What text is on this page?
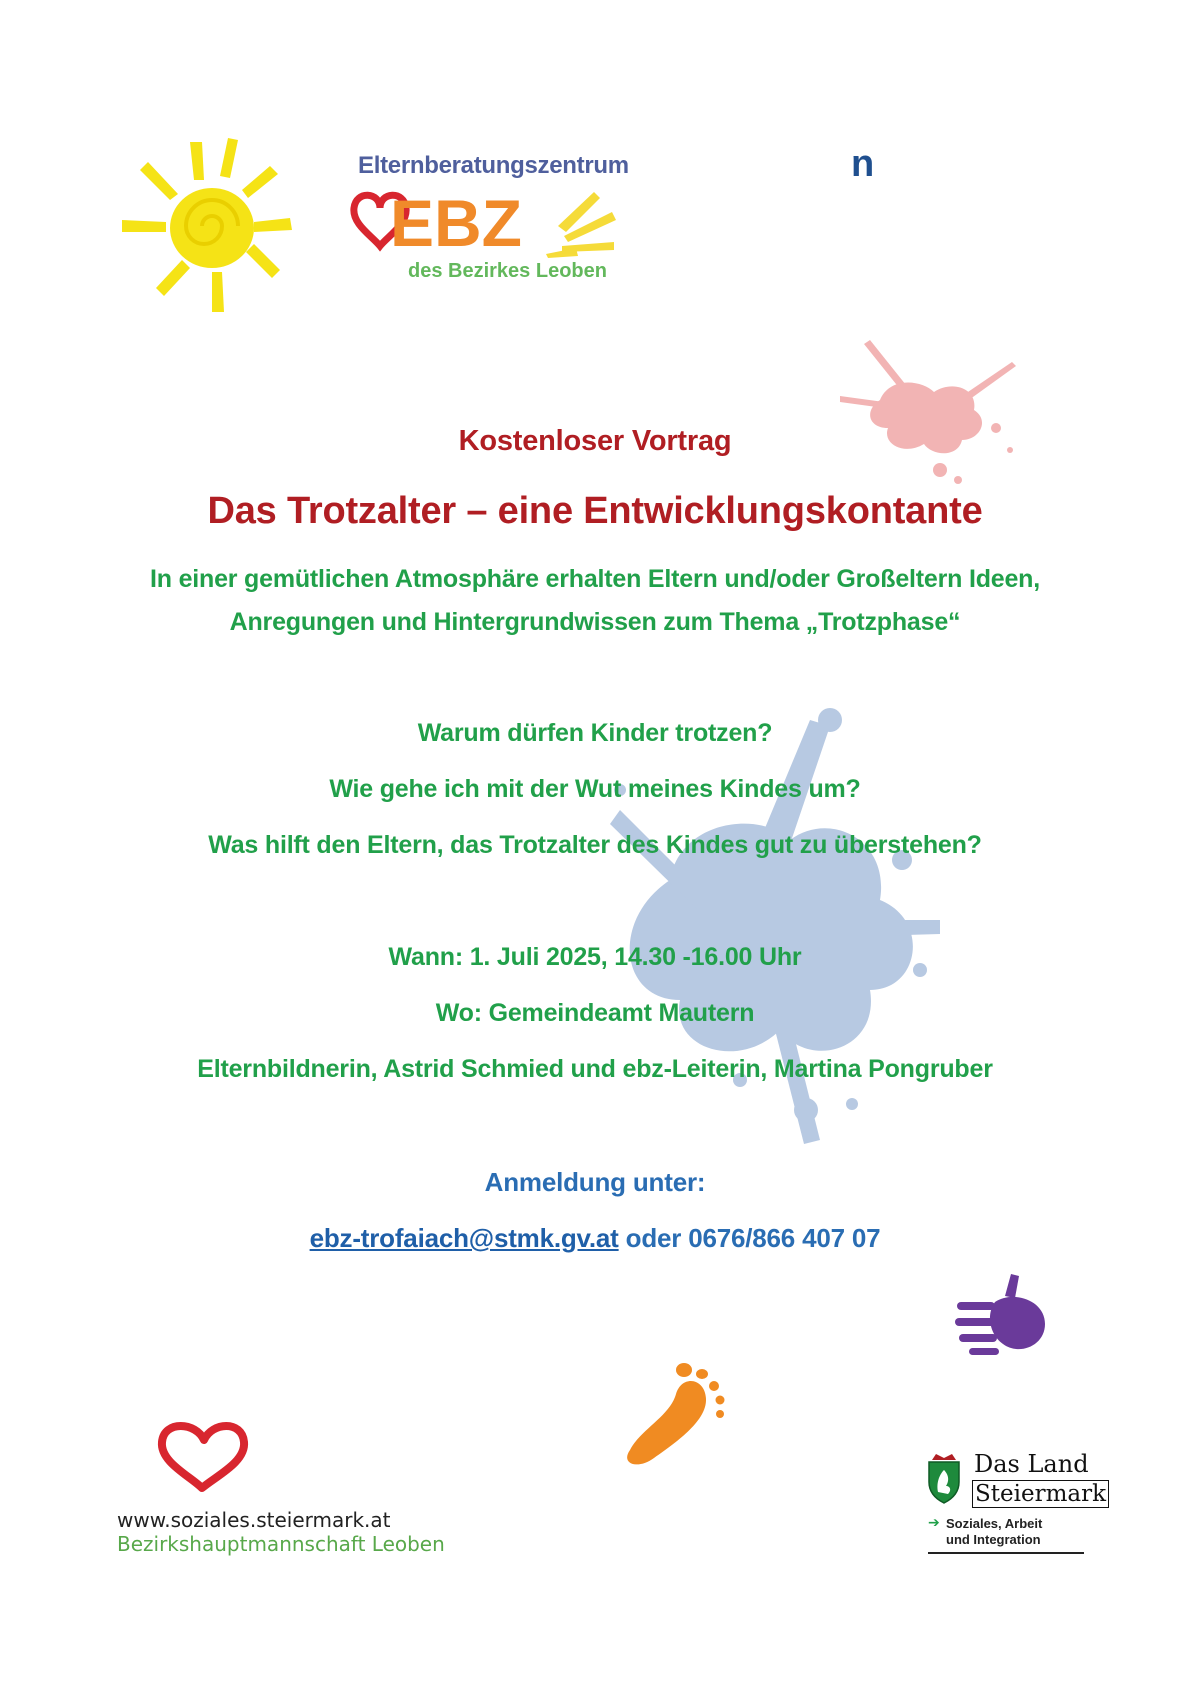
Elternberatungszentrum
EBZ
des Bezirkes Leoben
n
Kostenloser Vortrag
Das Trotzalter – eine Entwicklungskontante
In einer gemütlichen Atmosphäre erhalten Eltern und/oder Großeltern Ideen,
Anregungen und Hintergrundwissen zum Thema „Trotzphase“
Warum dürfen Kinder trotzen?
Wie gehe ich mit der Wut meines Kindes um?
Was hilft den Eltern, das Trotzalter des Kindes gut zu überstehen?
Wann: 1. Juli 2025, 14.30 -16.00 Uhr
Wo: Gemeindeamt Mautern
Elternbildnerin, Astrid Schmied und ebz-Leiterin, Martina Pongruber
Anmeldung unter:
ebz-trofaiach@stmk.gv.at oder 0676/866 407 07
www.soziales.steiermark.at
Bezirkshauptmannschaft Leoben
Das Land
Steiermark
➔ Soziales, Arbeit
und Integration
